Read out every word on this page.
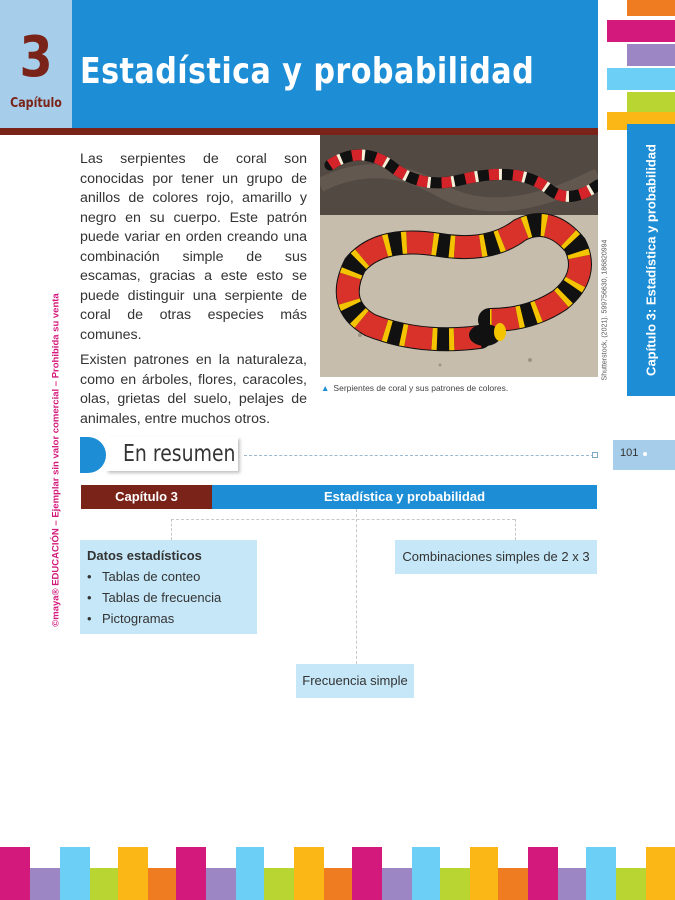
3
Capítulo
Estadística y probabilidad
Capítulo 3: Estadística y probabilidad
Shutterstock, (2021). 599756630, 186820994
©maya® EDUCACIÓN – Ejemplar sin valor comercial – Prohibida su venta

Las serpientes de coral son conocidas por tener un grupo de anillos de colores rojo, amarillo y negro en su cuerpo. Este patrón puede variar en orden creando una combinación simple de sus escamas, gracias a este esto se puede distinguir una serpiente de coral de otras especies más comunes.

Existen patrones en la naturaleza, como en árboles, flores, caracoles, olas, grietas del suelo, pelajes de animales, entre muchos otros.

▲ Serpientes de coral y sus patrones de colores.
101
En resumen
Capítulo 3	Estadística y probabilidad
Datos estadísticos
• Tablas de conteo
• Tablas de frecuencia
• Pictogramas
Combinaciones simples de 2 x 3
Frecuencia simple
